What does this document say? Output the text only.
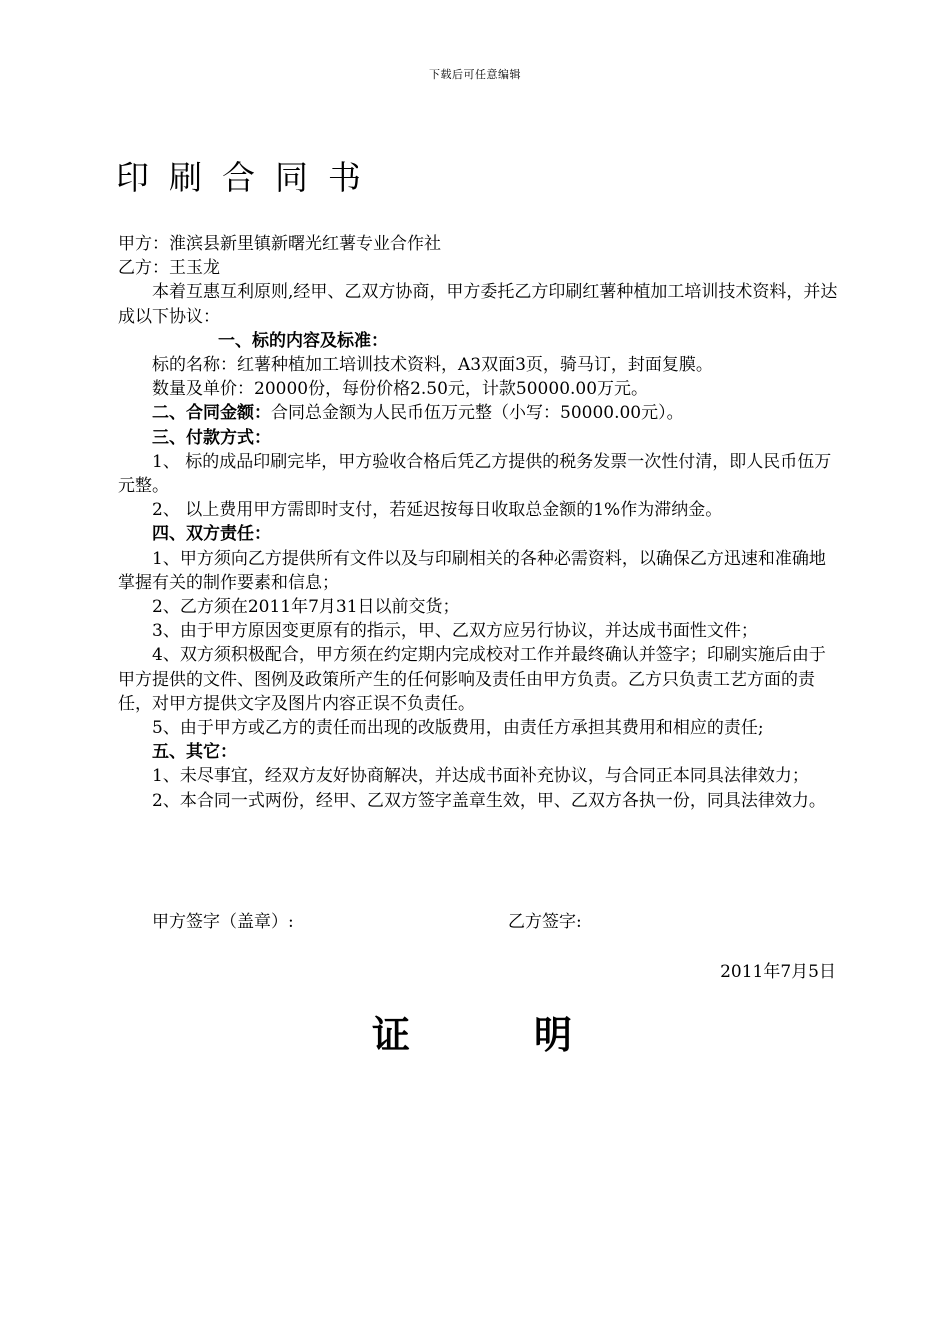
下载后可任意编辑
印刷合同书

甲方：淮滨县新里镇新曙光红薯专业合作社

乙方：王玉龙

本着互惠互利原则,经甲、乙双方协商，甲方委托乙方印刷红薯种植加工培训技术资料，并达成以下协议：

一、标的内容及标准：

标的名称：红薯种植加工培训技术资料，A3双面3页，骑马订，封面复膜。

数量及单价：20000份，每份价格2.50元，计款50000.00万元。

二、合同金额：合同总金额为人民币伍万元整（小写：50000.00元）。

三、付款方式：

1、 标的成品印刷完毕，甲方验收合格后凭乙方提供的税务发票一次性付清，即人民币伍万元整。

2、 以上费用甲方需即时支付，若延迟按每日收取总金额的1%作为滞纳金。

四、双方责任：

1、甲方须向乙方提供所有文件以及与印刷相关的各种必需资料，以确保乙方迅速和准确地掌握有关的制作要素和信息；

2、乙方须在2011年7月31日以前交货；

3、由于甲方原因变更原有的指示，甲、乙双方应另行协议，并达成书面性文件；

4、双方须积极配合，甲方须在约定期内完成校对工作并最终确认并签字；印刷实施后由于甲方提供的文件、图例及政策所产生的任何影响及责任由甲方负责。乙方只负责工艺方面的责任，对甲方提供文字及图片内容正误不负责任。

5、由于甲方或乙方的责任而出现的改版费用，由责任方承担其费用和相应的责任;

五、其它：

1、未尽事宜，经双方友好协商解决，并达成书面补充协议，与合同正本同具法律效力；

2、本合同一式两份，经甲、乙双方签字盖章生效，甲、乙双方各执一份，同具法律效力。

甲方签字（盖章）:	乙方签字:
2011年7月5日
证	明
